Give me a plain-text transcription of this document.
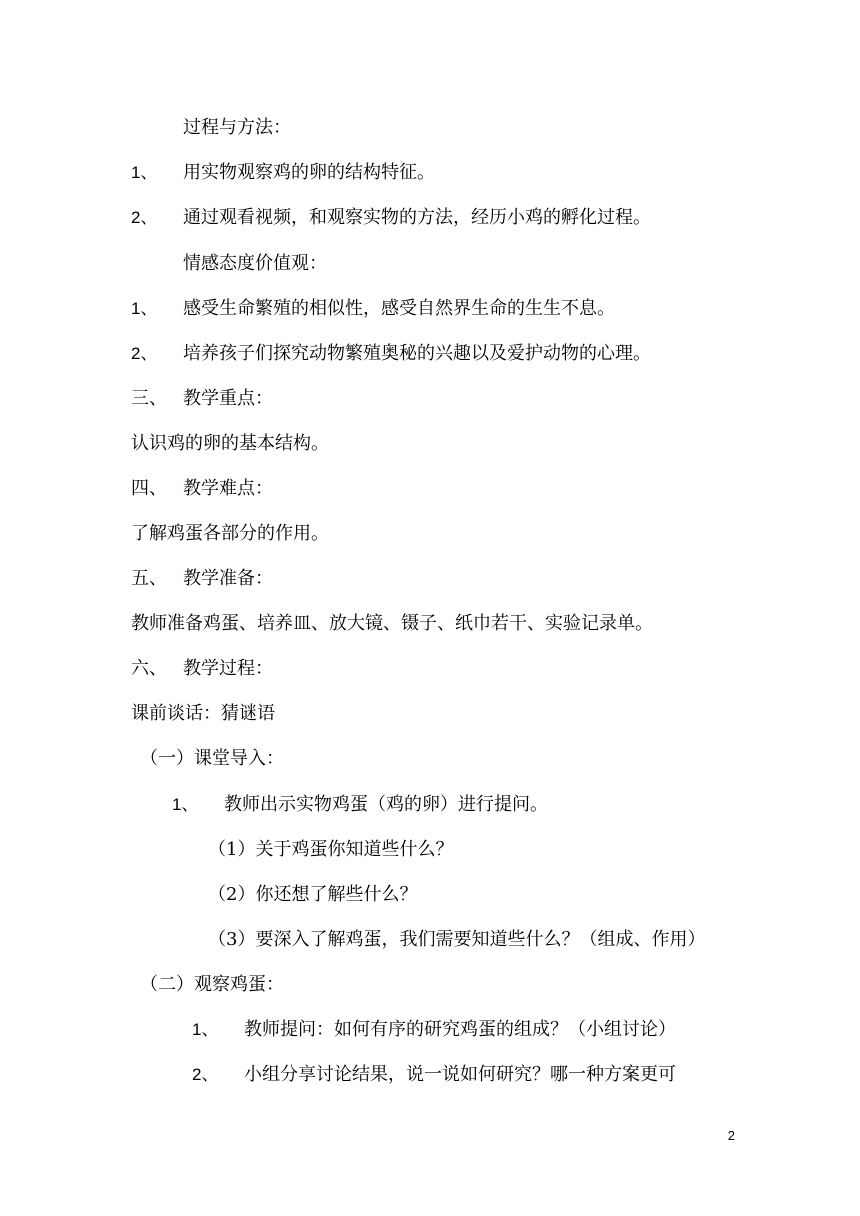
过程与方法：
1、 用实物观察鸡的卵的结构特征。
2、 通过观看视频，和观察实物的方法，经历小鸡的孵化过程。
情感态度价值观：
1、 感受生命繁殖的相似性，感受自然界生命的生生不息。
2、 培养孩子们探究动物繁殖奥秘的兴趣以及爱护动物的心理。
三、 教学重点：
认识鸡的卵的基本结构。
四、 教学难点：
了解鸡蛋各部分的作用。
五、 教学准备：
教师准备鸡蛋、培养皿、放大镜、镊子、纸巾若干、实验记录单。
六、 教学过程：
课前谈话：猜谜语
（一）课堂导入：
1、 教师出示实物鸡蛋（鸡的卵）进行提问。
（1）关于鸡蛋你知道些什么？
（2）你还想了解些什么？
（3）要深入了解鸡蛋，我们需要知道些什么？（组成、作用）
（二）观察鸡蛋：
1、 教师提问：如何有序的研究鸡蛋的组成？（小组讨论）
2、 小组分享讨论结果，说一说如何研究？哪一种方案更可
2
